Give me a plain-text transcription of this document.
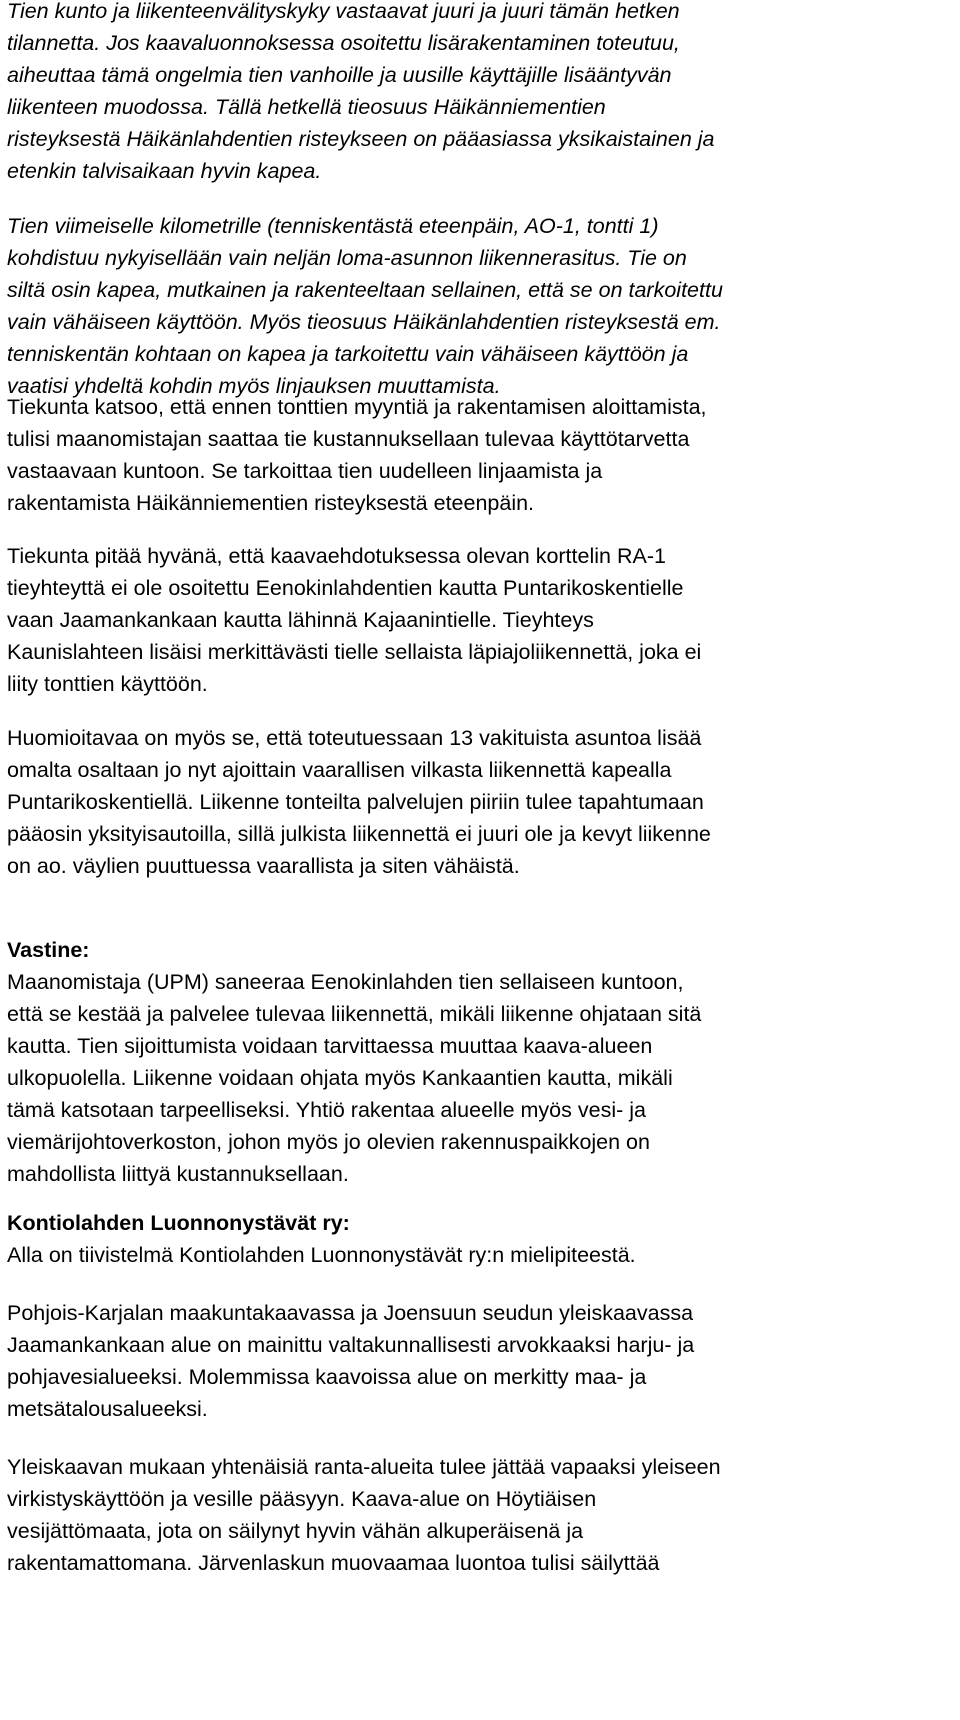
Tien kunto ja liikenteenvälityskyky vastaavat juuri ja juuri tämän hetken
tilannetta. Jos kaavaluonnoksessa osoitettu lisärakentaminen toteutuu,
aiheuttaa tämä ongelmia tien vanhoille ja uusille käyttäjille lisääntyvän
liikenteen muodossa. Tällä hetkellä tieosuus Häikänniementien
risteyksestä Häikänlahdentien risteykseen on pääasiassa yksikaistainen ja
etenkin talvisaikaan hyvin kapea.

Tien viimeiselle kilometrille (tenniskentästä eteenpäin, AO-1, tontti 1)
kohdistuu nykyisellään vain neljän loma-asunnon liikennerasitus. Tie on
siltä osin kapea, mutkainen ja rakenteeltaan sellainen, että se on tarkoitettu
vain vähäiseen käyttöön. Myös tieosuus Häikänlahdentien risteyksestä em.
tenniskentän kohtaan on kapea ja tarkoitettu vain vähäiseen käyttöön ja
vaatisi yhdeltä kohdin myös linjauksen muuttamista.

Tiekunta katsoo, että ennen tonttien myyntiä ja rakentamisen aloittamista,
tulisi maanomistajan saattaa tie kustannuksellaan tulevaa käyttötarvetta
vastaavaan kuntoon. Se tarkoittaa tien uudelleen linjaamista ja
rakentamista Häikänniementien risteyksestä eteenpäin.

Tiekunta pitää hyvänä, että kaavaehdotuksessa olevan korttelin RA-1
tieyhteyttä ei ole osoitettu Eenokinlahdentien kautta Puntarikoskentielle
vaan Jaamankankaan kautta lähinnä Kajaanintielle. Tieyhteys
Kaunislahteen lisäisi merkittävästi tielle sellaista läpiajoliikennettä, joka ei
liity tonttien käyttöön.

Huomioitavaa on myös se, että toteutuessaan 13 vakituista asuntoa lisää
omalta osaltaan jo nyt ajoittain vaarallisen vilkasta liikennettä kapealla
Puntarikoskentiellä. Liikenne tonteilta palvelujen piiriin tulee tapahtumaan
pääosin yksityisautoilla, sillä julkista liikennettä ei juuri ole ja kevyt liikenne
on ao. väylien puuttuessa vaarallista ja siten vähäistä.

Vastine:

Maanomistaja (UPM) saneeraa Eenokinlahden tien sellaiseen kuntoon,
että se kestää ja palvelee tulevaa liikennettä, mikäli liikenne ohjataan sitä
kautta. Tien sijoittumista voidaan tarvittaessa muuttaa kaava-alueen
ulkopuolella. Liikenne voidaan ohjata myös Kankaantien kautta, mikäli
tämä katsotaan tarpeelliseksi. Yhtiö rakentaa alueelle myös vesi- ja
viemärijohtoverkoston, johon myös jo olevien rakennuspaikkojen on
mahdollista liittyä kustannuksellaan.

Kontiolahden Luonnonystävät ry:

Alla on tiivistelmä Kontiolahden Luonnonystävät ry:n mielipiteestä.

Pohjois-Karjalan maakuntakaavassa ja Joensuun seudun yleiskaavassa
Jaamankankaan alue on mainittu valtakunnallisesti arvokkaaksi harju- ja
pohjavesialueeksi. Molemmissa kaavoissa alue on merkitty maa- ja
metsätalousalueeksi.

Yleiskaavan mukaan yhtenäisiä ranta-alueita tulee jättää vapaaksi yleiseen
virkistyskäyttöön ja vesille pääsyyn. Kaava-alue on Höytiäisen
vesijättömaata, jota on säilynyt hyvin vähän alkuperäisenä ja
rakentamattomana. Järvenlaskun muovaamaa luontoa tulisi säilyttää
